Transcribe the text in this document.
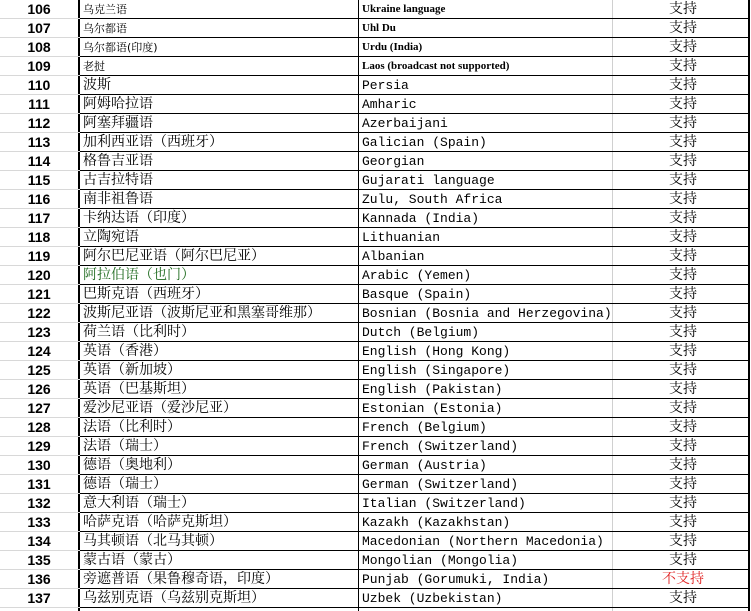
106	乌克兰语	Ukraine language	支持
107	乌尔都语	Uhl Du	支持
108	乌尔都语(印度)	Urdu (India)	支持
109	老挝	Laos (broadcast not supported)	支持
110	波斯	Persia	支持
111	阿姆哈拉语	Amharic	支持
112	阿塞拜疆语	Azerbaijani	支持
113	加利西亚语（西班牙）	Galician (Spain)	支持
114	格鲁吉亚语	Georgian	支持
115	古吉拉特语	Gujarati language	支持
116	南非祖鲁语	Zulu, South Africa	支持
117	卡纳达语（印度）	Kannada (India)	支持
118	立陶宛语	Lithuanian	支持
119	阿尔巴尼亚语（阿尔巴尼亚）	Albanian	支持
120	阿拉伯语（也门）	Arabic (Yemen)	支持
121	巴斯克语（西班牙）	Basque (Spain)	支持
122	波斯尼亚语（波斯尼亚和黑塞哥维那）	Bosnian (Bosnia and Herzegovina)	支持
123	荷兰语（比利时）	Dutch (Belgium)	支持
124	英语（香港）	English (Hong Kong)	支持
125	英语（新加坡）	English (Singapore)	支持
126	英语（巴基斯坦）	English (Pakistan)	支持
127	爱沙尼亚语（爱沙尼亚）	Estonian (Estonia)	支持
128	法语（比利时）	French (Belgium)	支持
129	法语（瑞士）	French (Switzerland)	支持
130	德语（奥地利）	German (Austria)	支持
131	德语（瑞士）	German (Switzerland)	支持
132	意大利语（瑞士）	Italian (Switzerland)	支持
133	哈萨克语（哈萨克斯坦）	Kazakh (Kazakhstan)	支持
134	马其顿语（北马其顿）	Macedonian (Northern Macedonia)	支持
135	蒙古语（蒙古）	Mongolian (Mongolia)	支持
136	旁遮普语（果鲁穆奇语，印度）	Punjab (Gorumuki, India)	不支持
137	乌兹别克语（乌兹别克斯坦）	Uzbek (Uzbekistan)	支持
